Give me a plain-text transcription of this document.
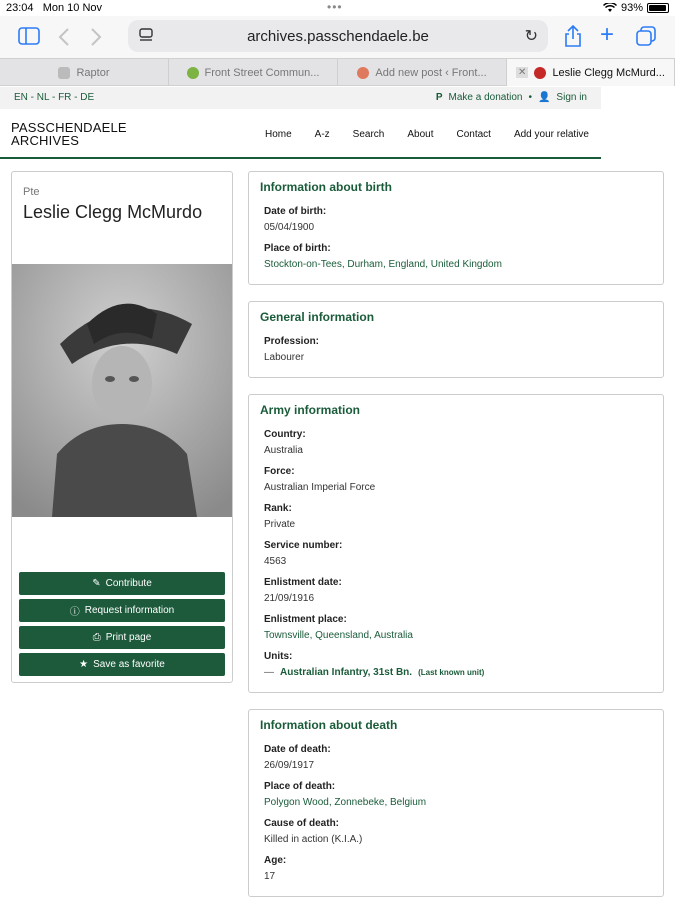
23:04 Mon 10 Nov	•••	93%
archives.passchendaele.be	↻	+
Raptor	Front Street Commun...	Add new post ‹ Front...	✕ Leslie Clegg McMurd...
EN - NL - FR - DE	P Make a donation • 👤 Sign in
PASSCHENDAELE
ARCHIVES	Home A-z Search About Contact Add your relative
Pte
Leslie Clegg McMurdo
✎ Contribute
ⓘ Request information
⎙ Print page
★ Save as favorite
Information about birth
Date of birth:
05/04/1900
Place of birth:
Stockton-on-Tees, Durham, England, United Kingdom
General information
Profession:
Labourer
Army information
Country:
Australia
Force:
Australian Imperial Force
Rank:
Private
Service number:
4563
Enlistment date:
21/09/1916
Enlistment place:
Townsville, Queensland, Australia
Units:
— Australian Infantry, 31st Bn. (Last known unit)
Information about death
Date of death:
26/09/1917
Place of death:
Polygon Wood, Zonnebeke, Belgium
Cause of death:
Killed in action (K.I.A.)
Age:
17
